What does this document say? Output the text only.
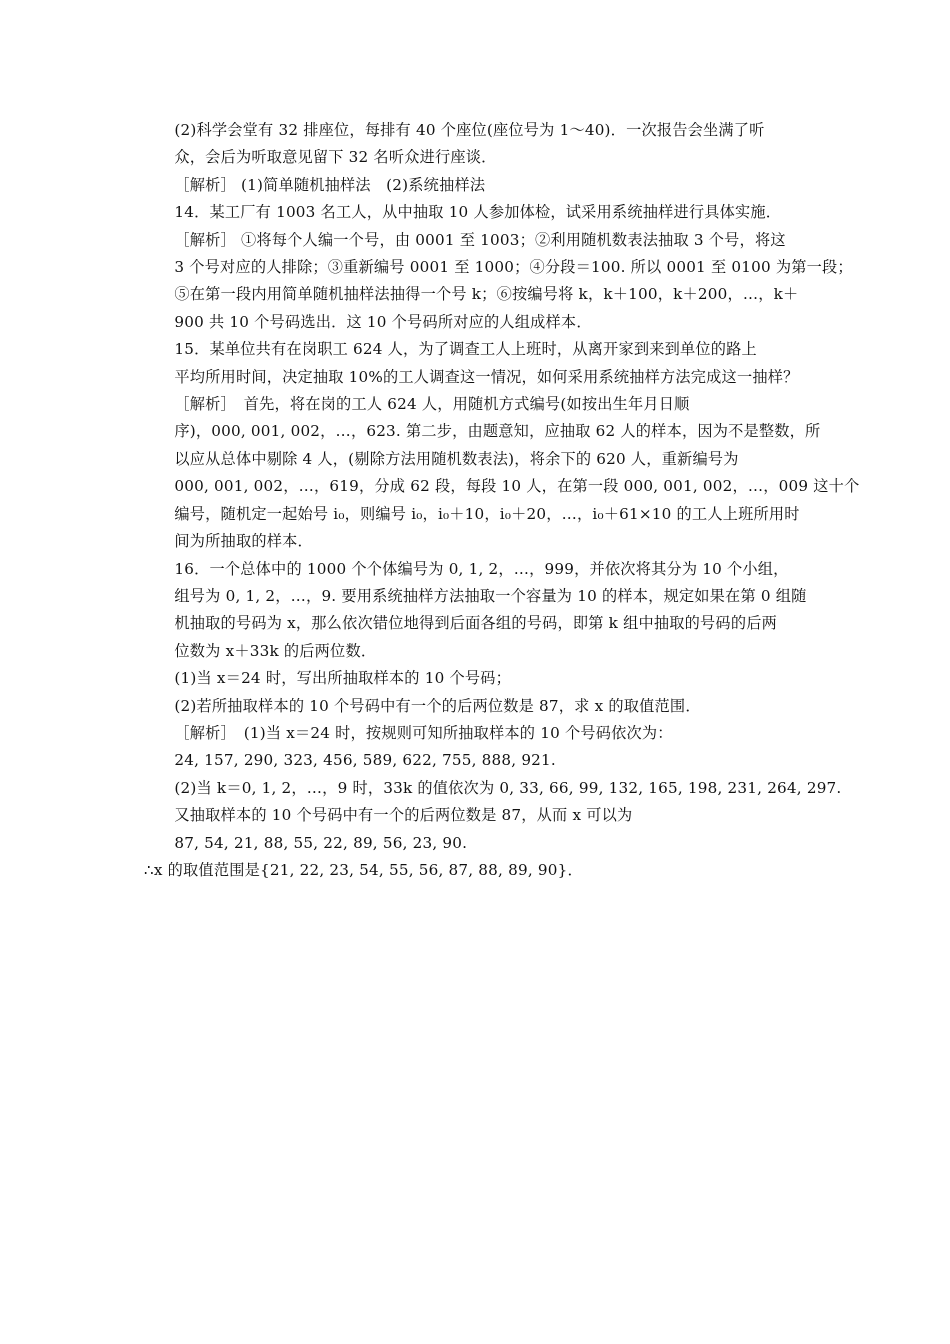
(2)科学会堂有 32 排座位，每排有 40 个座位(座位号为 1～40)．一次报告会坐满了听
众，会后为听取意见留下 32 名听众进行座谈．
［解析］ (1)简单随机抽样法　(2)系统抽样法
14．某工厂有 1003 名工人，从中抽取 10 人参加体检，试采用系统抽样进行具体实施．
［解析］ ①将每个人编一个号，由 0001 至 1003；②利用随机数表法抽取 3 个号，将这
3 个号对应的人排除；③重新编号 0001 至 1000；④分段＝100. 所以 0001 至 0100 为第一段；
⑤在第一段内用简单随机抽样法抽得一个号 k；⑥按编号将 k，k＋100，k＋200，…，k＋
900 共 10 个号码选出．这 10 个号码所对应的人组成样本．
15．某单位共有在岗职工 624 人，为了调查工人上班时，从离开家到来到单位的路上
平均所用时间，决定抽取 10%的工人调查这一情况，如何采用系统抽样方法完成这一抽样？
［解析］　首先，将在岗的工人 624 人，用随机方式编号(如按出生年月日顺
序)，000, 001, 002，…，623. 第二步，由题意知，应抽取 62 人的样本，因为不是整数，所
以应从总体中剔除 4 人，(剔除方法用随机数表法)，将余下的 620 人，重新编号为
000, 001, 002，…，619，分成 62 段，每段 10 人，在第一段 000, 001, 002，…，009 这十个
编号，随机定一起始号 i₀，则编号 i₀，i₀＋10，i₀＋20，…，i₀＋61×10 的工人上班所用时
间为所抽取的样本．
16．一个总体中的 1000 个个体编号为 0, 1, 2，…，999，并依次将其分为 10 个小组，
组号为 0, 1, 2，…，9. 要用系统抽样方法抽取一个容量为 10 的样本，规定如果在第 0 组随
机抽取的号码为 x，那么依次错位地得到后面各组的号码，即第 k 组中抽取的号码的后两
位数为 x＋33k 的后两位数．
(1)当 x＝24 时，写出所抽取样本的 10 个号码；
(2)若所抽取样本的 10 个号码中有一个的后两位数是 87，求 x 的取值范围．
［解析］　(1)当 x＝24 时，按规则可知所抽取样本的 10 个号码依次为：
24, 157, 290, 323, 456, 589, 622, 755, 888, 921.
(2)当 k＝0, 1, 2，…，9 时，33k 的值依次为 0, 33, 66, 99, 132, 165, 198, 231, 264, 297.
又抽取样本的 10 个号码中有一个的后两位数是 87，从而 x 可以为
87, 54, 21, 88, 55, 22, 89, 56, 23, 90.
∴x 的取值范围是{21, 22, 23, 54, 55, 56, 87, 88, 89, 90}．
